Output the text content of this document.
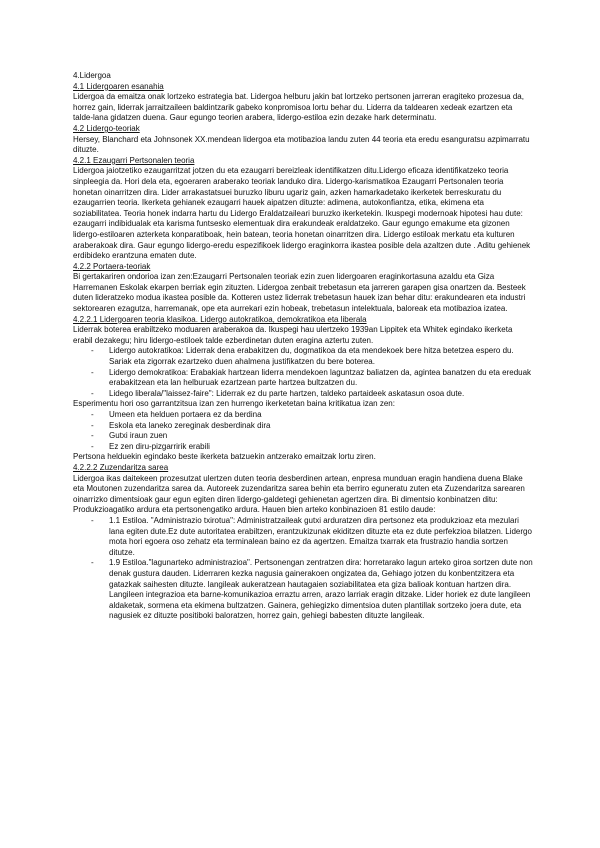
4.Lidergoa

4.1 Lidergoaren esanahia

Lidergoa da emaitza onak lortzeko estrategia bat. Lidergoa helburu jakin bat lortzeko pertsonen jarreran eragiteko prozesua da, horrez gain, liderrak jarraitzaileen baldintzarik gabeko konpromisoa lortu behar du. Liderra da taldearen xedeak ezartzen eta talde-lana gidatzen duena. Gaur egungo teorien arabera, lidergo-estiloa ezin dezake hark determinatu.

4.2 Lidergo-teoriak

Hersey, Blanchard eta Johnsonek XX.mendean lidergoa eta motibazioa landu zuten 44 teoria eta eredu esanguratsu azpimarratu dituzte.

4.2.1 Ezaugarri Pertsonalen teoria

Lidergoa jaiotzetiko ezaugarritzat jotzen du eta ezaugarri bereizleak identifikatzen ditu.Lidergo eficaza identifikatzeko teoria sinpleegia da. Hori dela eta, egoeraren araberako teoriak landuko dira. Lidergo-karismatikoa Ezaugarri Pertsonalen teoria honetan oinarritzen dira. Lider arrakastatsuei buruzko liburu ugariz gain, azken hamarkadetako ikerketek berreskuratu du ezaugarrien teoria. Ikerketa gehianek ezaugarri hauek aipatzen dituzte: adimena, autokonfiantza, etika, ekimena eta soziabilitatea. Teoria honek indarra hartu du Lidergo Eraldatzaileari buruzko ikerketekin. Ikuspegi modernoak hipotesi hau dute: ezaugarri indibidualak eta karisma funtsesko elementuak dira erakundeak eraldatzeko. Gaur egungo emakume eta gizonen lidergo-estiloaren azterketa konparatiboak, hein batean, teoria honetan oinarritzen dira. Lidergo estiloak merkatu eta kulturen araberakoak dira. Gaur egungo lidergo-eredu espezifikoek lidergo eraginkorra ikastea posible dela azaltzen dute . Aditu gehienek erdibideko erantzuna ematen dute.

4.2.2 Portaera-teoriak

Bi gertakariren ondorioa izan zen:Ezaugarri Pertsonalen teoriak ezin zuen lidergoaren eraginkortasuna azaldu eta Giza Harremanen Eskolak ekarpen berriak egin zituzten. Lidergoa zenbait trebetasun eta jarreren garapen gisa onartzen da. Besteek duten lideratzeko modua ikastea posible da. Kotteren ustez liderrak trebetasun hauek izan behar ditu: erakundearen eta industri sektorearen ezagutza, harremanak, ope eta aurrekari ezin hobeak, trebetasun intelektuala, baloreak eta motibazioa izatea.

4.2.2.1 Lidergoaren teoria klasikoa. Lidergo autokratikoa, demokratikoa eta liberala

Liderrak boterea erabiltzeko moduaren araberakoa da. Ikuspegi hau ulertzeko 1939an Lippitek eta Whitek egindako ikerketa erabil dezakegu; hiru lidergo-estiloek talde ezberdinetan duten eragina aztertu zuten.

- Lidergo autokratikoa: Liderrak dena erabakitzen du, dogmatikoa da eta mendekoek bere hitza betetzea espero du. Sariak eta zigorrak ezartzeko duen ahalmena justifikatzen du bere boterea.
- Lidergo demokratikoa: Erabakiak hartzean liderra mendekoen laguntzaz baliatzen da, agintea banatzen du eta ereduak erabakitzean eta lan helburuak ezartzean parte hartzea bultzatzen du.
- Lidego liberala/"laissez-faire": Liderrak ez du parte hartzen, taldeko partaideek askatasun osoa dute.

Esperimentu hori oso garrantzitsua izan zen hurrengo ikerketetan baina kritikatua izan zen:

- Umeen eta helduen portaera ez da berdina
- Eskola eta laneko zereginak desberdinak dira
- Gutxi iraun zuen
- Ez zen diru-pizgarririk erabili

Pertsona helduekin egindako beste ikerketa batzuekin antzerako emaitzak lortu ziren.

4.2.2.2 Zuzendaritza sarea

Lidergoa ikas daitekeen prozesutzat ulertzen duten teoria desberdinen artean, enpresa munduan eragin handiena duena Blake eta Moutonen zuzendaritza sarea da. Autoreek zuzendaritza sarea behin eta berriro eguneratu zuten eta Zuzendaritza sarearen oinarrizko dimentsioak gaur egun egiten diren lidergo-galdetegi gehienetan agertzen dira. Bi dimentsio konbinatzen ditu: Produkzioagatiko ardura eta pertsonengatiko ardura. Hauen bien arteko konbinazioen 81 estilo daude:

- 1.1 Estiloa. "Administrazio txirotua": Administratzaileak gutxi arduratzen dira pertsonez eta produkzioaz eta mezulari lana egiten dute.Ez dute autoritatea erabiltzen, erantzukizunak ekiditzen dituzte eta ez dute perfekzioa bilatzen. Lidergo mota hori egoera oso zehatz eta terminalean baino ez da agertzen. Emaitza txarrak eta frustrazio handia sortzen ditutze.
- 1.9 Estiloa."lagunarteko administrazioa". Pertsonengan zentratzen dira: horretarako lagun arteko giroa sortzen dute non denak gustura dauden. Liderraren kezka nagusia gainerakoen ongizatea da, Gehiago jotzen du konbentzitzera eta gatazkak saihesten dituzte. langileak aukeratzean hautagaien soziabilitatea eta giza balioak kontuan hartzen dira. Langileen integrazioa eta barne-komunikazioa erraztu arren, arazo larriak eragin ditzake. Lider horiek ez dute langileen aldaketak, sormena eta ekimena bultzatzen. Gainera, gehiegizko dimentsioa duten plantillak sortzeko joera dute, eta nagusiek ez dituzte positiboki baloratzen, horrez gain, gehiegi babesten dituzte langileak.
